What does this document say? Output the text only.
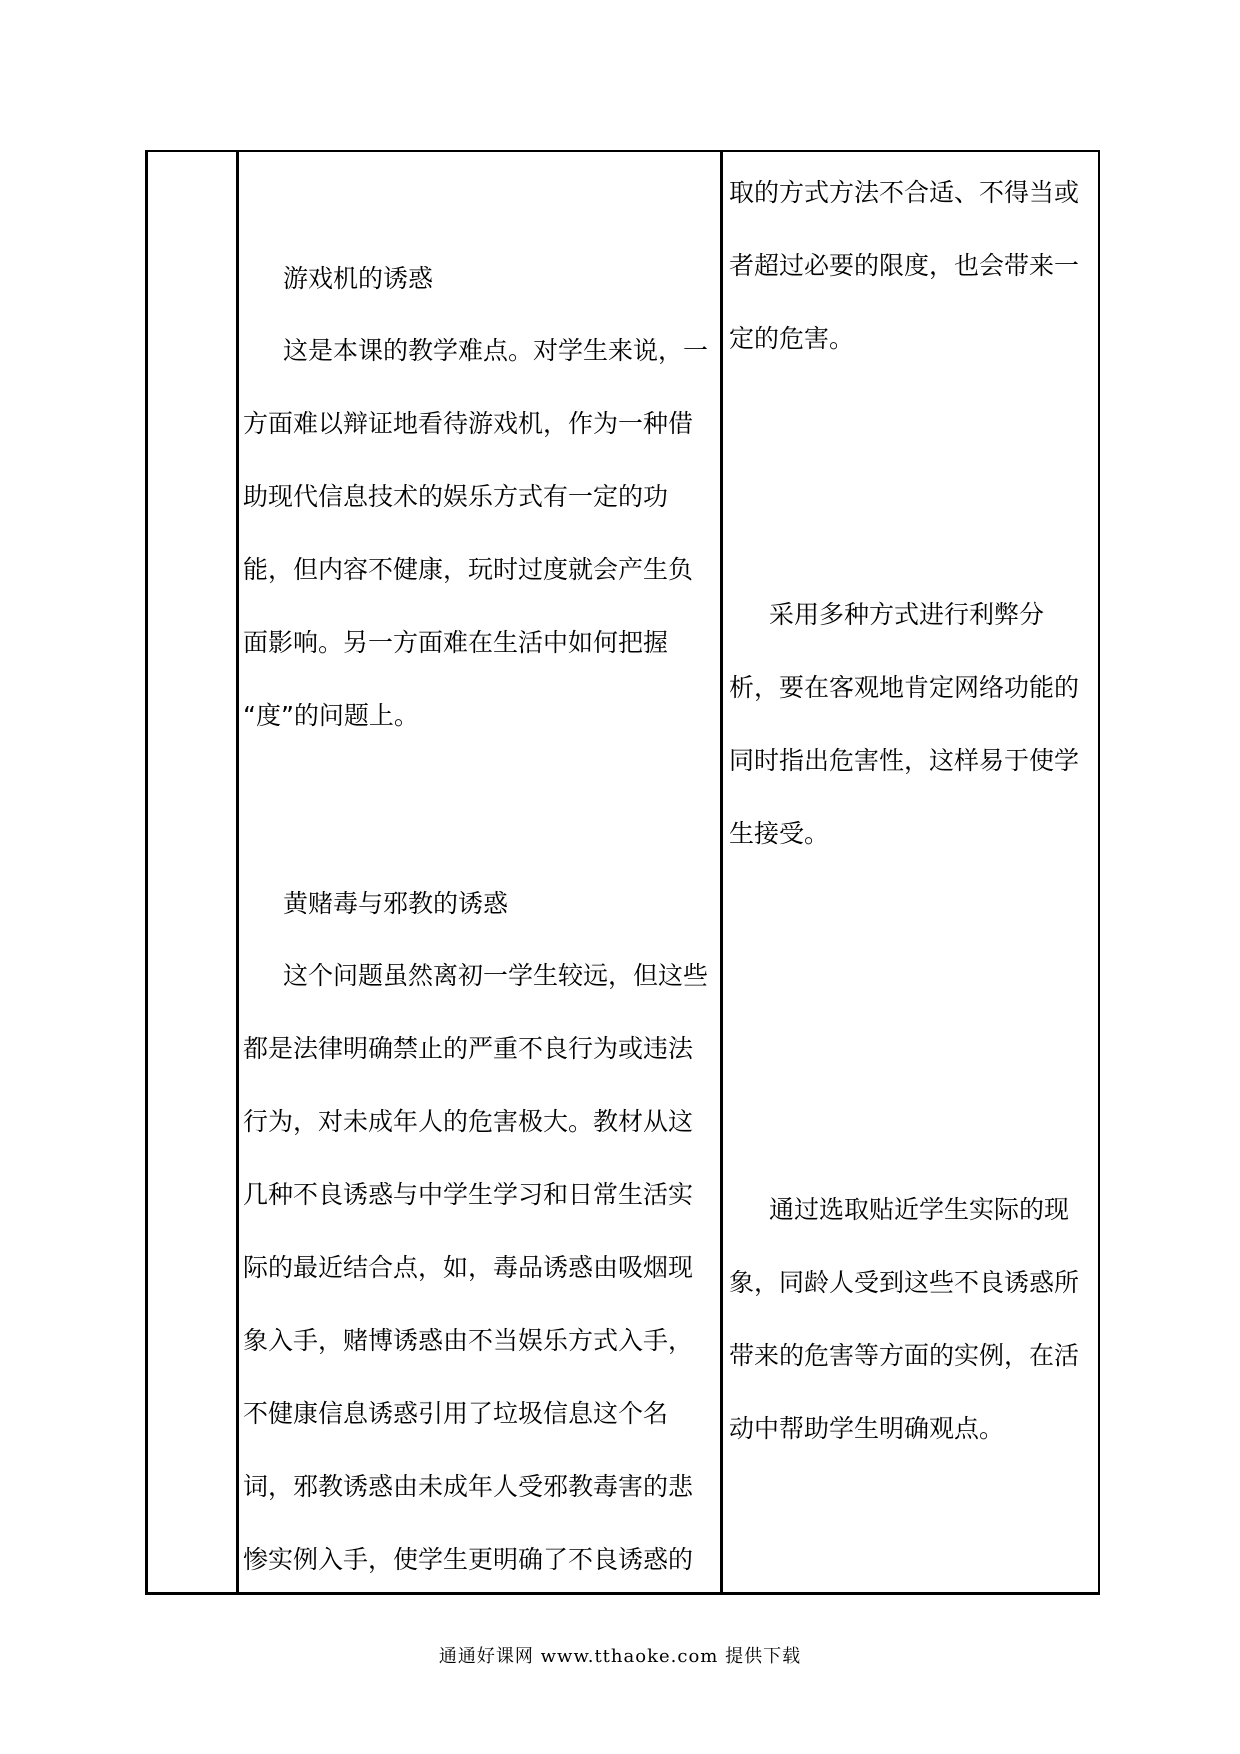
游戏机的诱惑
这是本课的教学难点。对学生来说，一
方面难以辩证地看待游戏机，作为一种借
助现代信息技术的娱乐方式有一定的功
能，但内容不健康，玩时过度就会产生负
面影响。另一方面难在生活中如何把握
“度”的问题上。
黄赌毒与邪教的诱惑
这个问题虽然离初一学生较远，但这些
都是法律明确禁止的严重不良行为或违法
行为，对未成年人的危害极大。教材从这
几种不良诱惑与中学生学习和日常生活实
际的最近结合点，如，毒品诱惑由吸烟现
象入手，赌博诱惑由不当娱乐方式入手，
不健康信息诱惑引用了垃圾信息这个名
词，邪教诱惑由未成年人受邪教毒害的悲
惨实例入手，使学生更明确了不良诱惑的
取的方式方法不合适、不得当或
者超过必要的限度，也会带来一
定的危害。
采用多种方式进行利弊分
析，要在客观地肯定网络功能的
同时指出危害性，这样易于使学
生接受。
通过选取贴近学生实际的现
象，同龄人受到这些不良诱惑所
带来的危害等方面的实例，在活
动中帮助学生明确观点。
通通好课网 www.tthaoke.com 提供下载
